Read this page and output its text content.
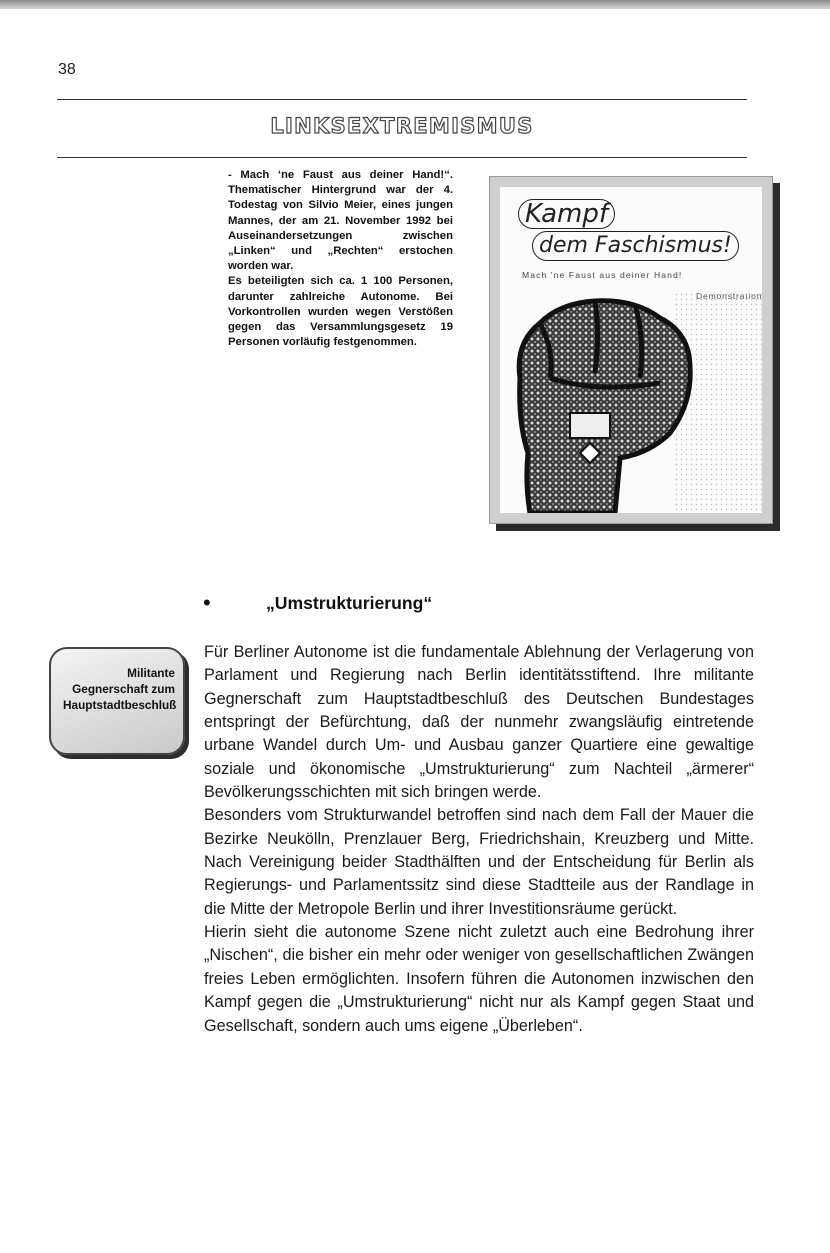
38
LINKSEXTREMISMUS

- Mach ‘ne Faust aus deiner Hand!“. Thematischer Hintergrund war der 4. Todestag von Silvio Meier, eines jungen Mannes, der am 21. November 1992 bei Auseinandersetzungen zwischen „Linken“ und „Rechten“ erstochen worden war.

Es beteiligten sich ca. 1 100 Personen, darunter zahlreiche Autonome. Bei Vorkontrollen wurden wegen Verstößen gegen das Versammlungsgesetz 19 Personen vorläufig festgenommen.

Kampf
dem Faschismus!
Mach 'ne Faust aus deiner Hand!
•	„Umstrukturierung“

Militante Gegnerschaft zum Hauptstadtbeschluß

Für Berliner Autonome ist die fundamentale Ablehnung der Verlagerung von Parlament und Regierung nach Berlin identitätsstiftend. Ihre militante Gegnerschaft zum Hauptstadtbeschluß des Deutschen Bundestages entspringt der Befürchtung, daß der nunmehr zwangsläufig eintretende urbane Wandel durch Um- und Ausbau ganzer Quartiere eine gewaltige soziale und ökonomische „Umstrukturierung“ zum Nachteil „ärmerer“ Bevölkerungsschichten mit sich bringen werde.

Besonders vom Strukturwandel betroffen sind nach dem Fall der Mauer die Bezirke Neukölln, Prenzlauer Berg, Friedrichshain, Kreuzberg und Mitte. Nach Vereinigung beider Stadthälften und der Entscheidung für Berlin als Regierungs- und Parlamentssitz sind diese Stadtteile aus der Randlage in die Mitte der Metropole Berlin und ihrer Investitionsräume gerückt.

Hierin sieht die autonome Szene nicht zuletzt auch eine Bedrohung ihrer „Nischen“, die bisher ein mehr oder weniger von gesellschaftlichen Zwängen freies Leben ermöglichten. Insofern führen die Autonomen inzwischen den Kampf gegen die „Umstrukturierung“ nicht nur als Kampf gegen Staat und Gesellschaft, sondern auch ums eigene „Überleben“.
